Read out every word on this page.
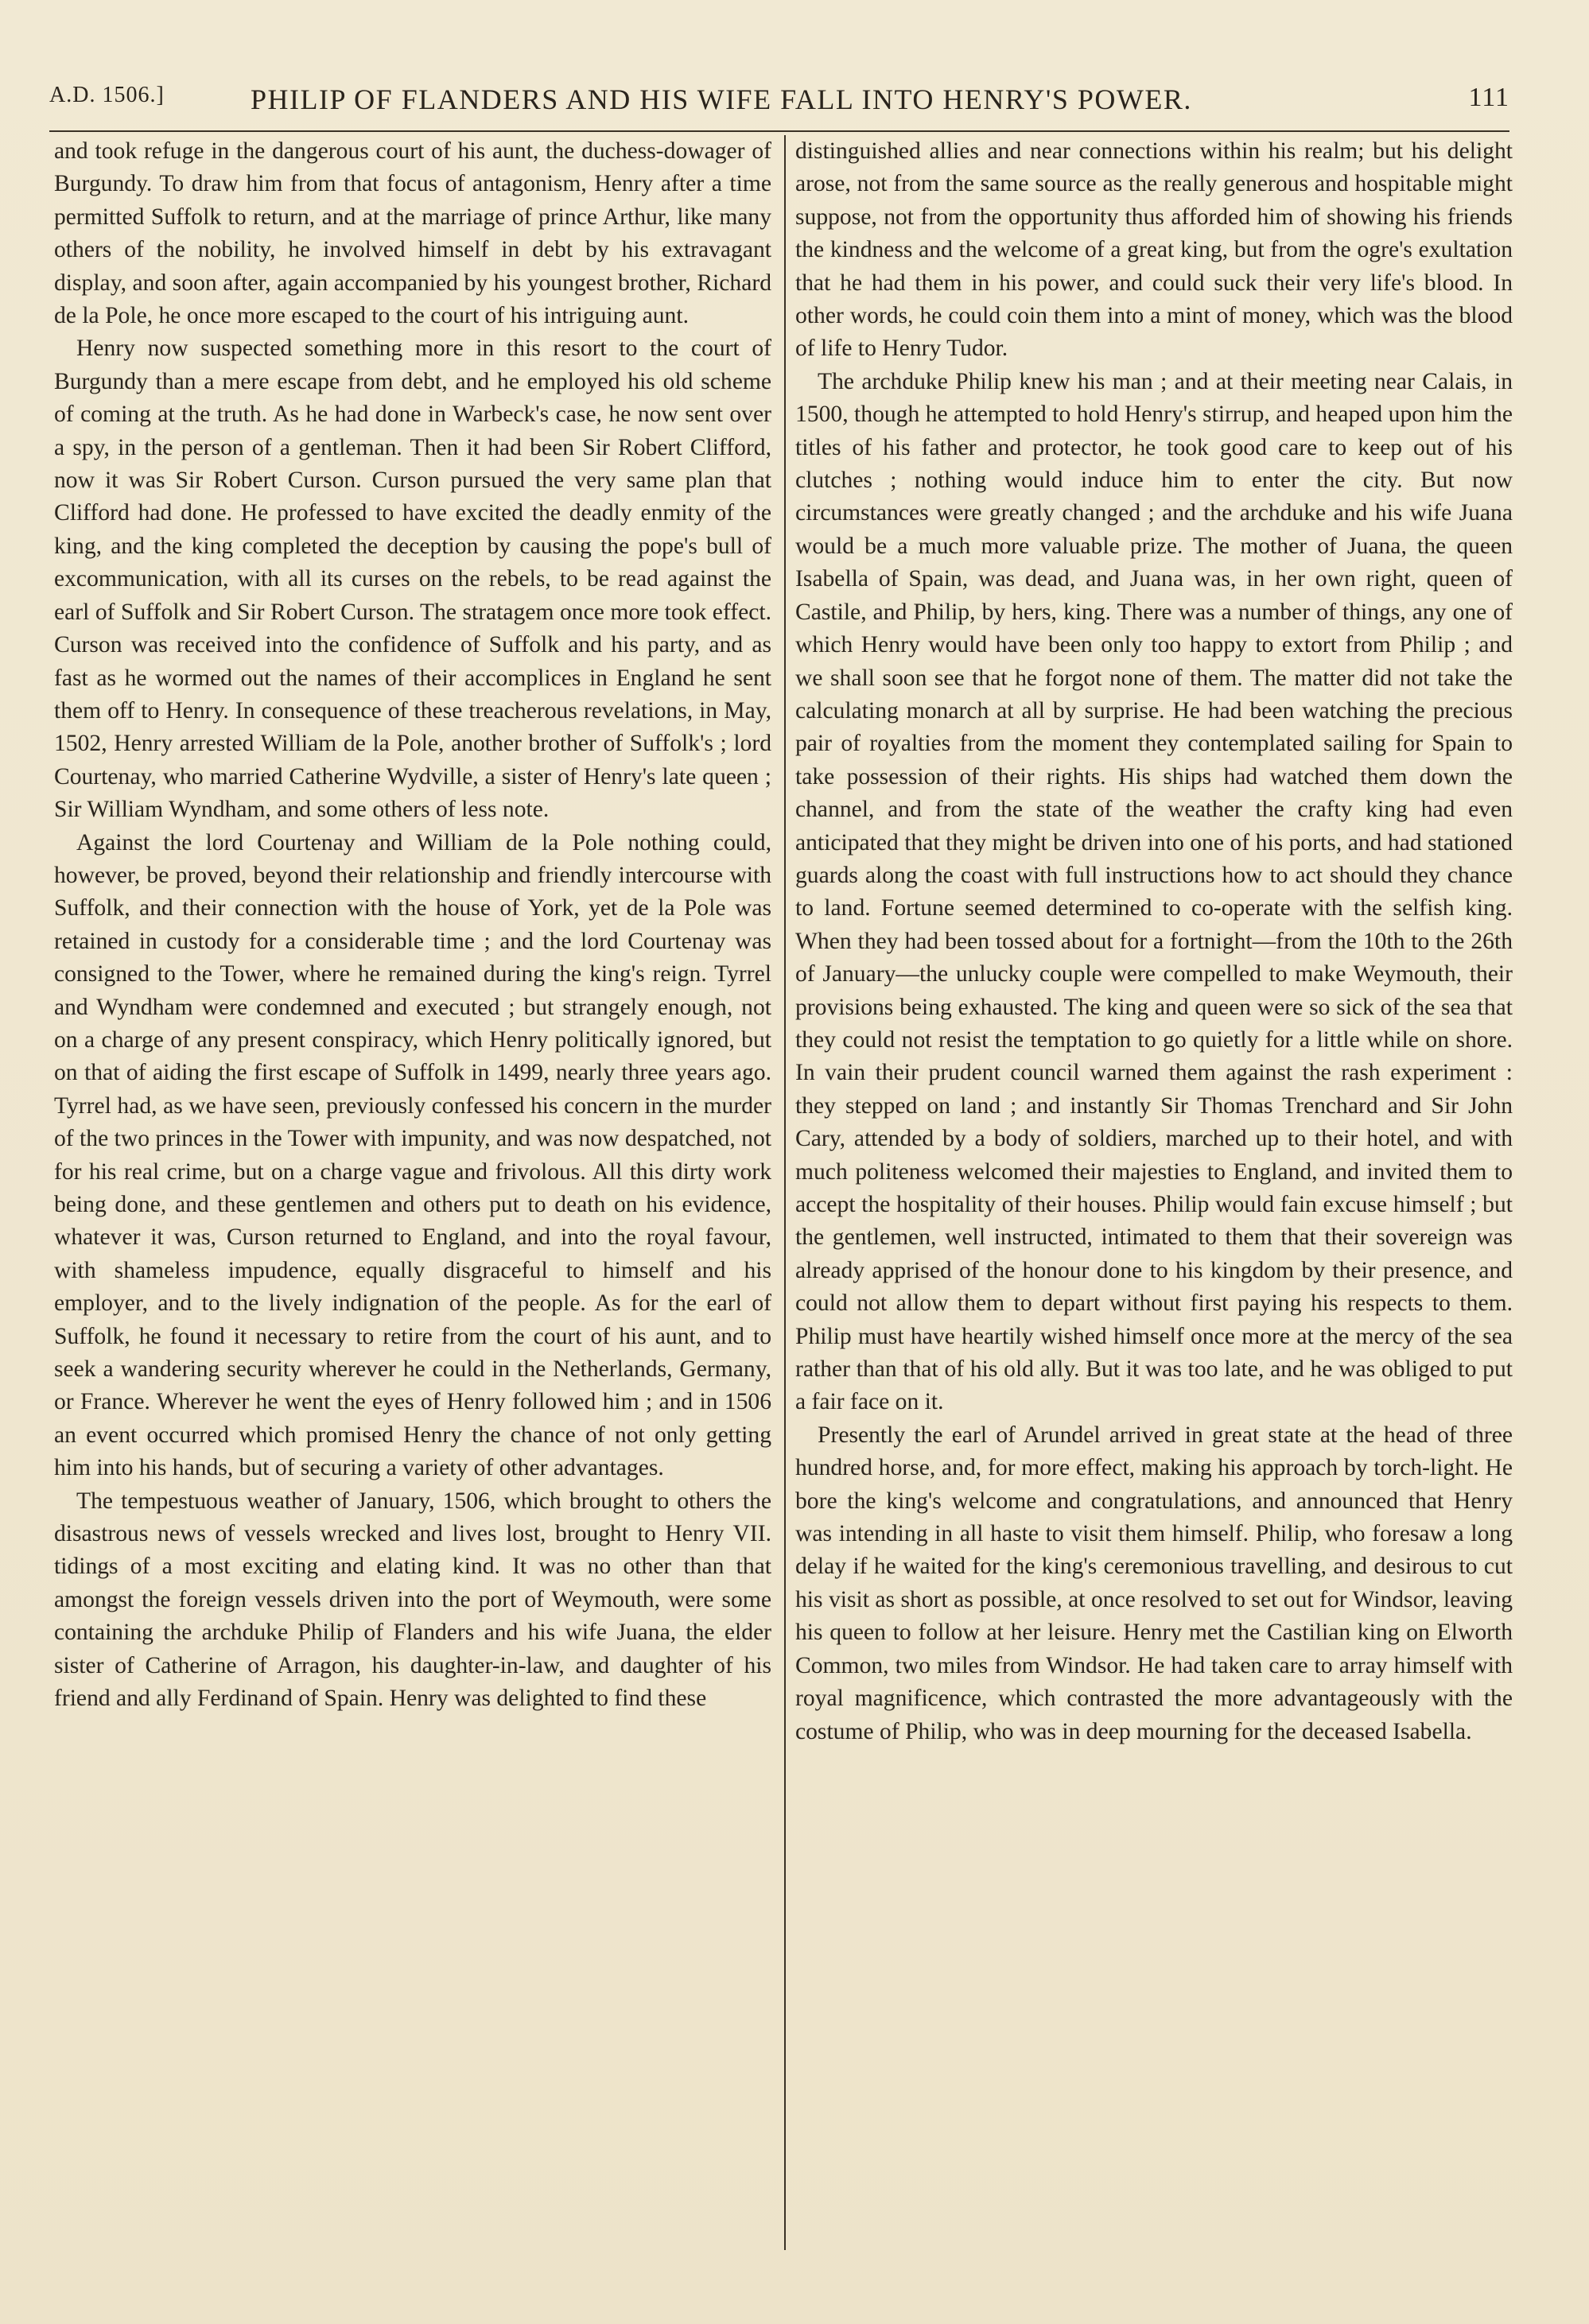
A.D. 1506.]	PHILIP OF FLANDERS AND HIS WIFE FALL INTO HENRY'S POWER.	111

and took refuge in the dangerous court of his aunt, the duchess-dowager of Burgundy. To draw him from that focus of antagonism, Henry after a time permitted Suffolk to return, and at the marriage of prince Arthur, like many others of the nobility, he involved himself in debt by his extravagant display, and soon after, again accompanied by his youngest brother, Richard de la Pole, he once more escaped to the court of his intriguing aunt.

Henry now suspected something more in this resort to the court of Burgundy than a mere escape from debt, and he employed his old scheme of coming at the truth. As he had done in Warbeck's case, he now sent over a spy, in the person of a gentleman. Then it had been Sir Robert Clifford, now it was Sir Robert Curson. Curson pursued the very same plan that Clifford had done. He professed to have excited the deadly enmity of the king, and the king completed the deception by causing the pope's bull of excommunication, with all its curses on the rebels, to be read against the earl of Suffolk and Sir Robert Curson. The stratagem once more took effect. Curson was received into the confidence of Suffolk and his party, and as fast as he wormed out the names of their accomplices in England he sent them off to Henry. In consequence of these treacherous revelations, in May, 1502, Henry arrested William de la Pole, another brother of Suffolk's ; lord Courtenay, who married Catherine Wydville, a sister of Henry's late queen ; Sir William Wyndham, and some others of less note.

Against the lord Courtenay and William de la Pole nothing could, however, be proved, beyond their relationship and friendly intercourse with Suffolk, and their connection with the house of York, yet de la Pole was retained in custody for a considerable time ; and the lord Courtenay was consigned to the Tower, where he remained during the king's reign. Tyrrel and Wyndham were condemned and executed ; but strangely enough, not on a charge of any present conspiracy, which Henry politically ignored, but on that of aiding the first escape of Suffolk in 1499, nearly three years ago. Tyrrel had, as we have seen, previously confessed his concern in the murder of the two princes in the Tower with impunity, and was now despatched, not for his real crime, but on a charge vague and frivolous. All this dirty work being done, and these gentlemen and others put to death on his evidence, whatever it was, Curson returned to England, and into the royal favour, with shameless impudence, equally disgraceful to himself and his employer, and to the lively indignation of the people. As for the earl of Suffolk, he found it necessary to retire from the court of his aunt, and to seek a wandering security wherever he could in the Netherlands, Germany, or France. Wherever he went the eyes of Henry followed him ; and in 1506 an event occurred which promised Henry the chance of not only getting him into his hands, but of securing a variety of other advantages.

The tempestuous weather of January, 1506, which brought to others the disastrous news of vessels wrecked and lives lost, brought to Henry VII. tidings of a most exciting and elating kind. It was no other than that amongst the foreign vessels driven into the port of Weymouth, were some containing the archduke Philip of Flanders and his wife Juana, the elder sister of Catherine of Arragon, his daughter-in-law, and daughter of his friend and ally Ferdinand of Spain. Henry was delighted to find these

distinguished allies and near connections within his realm; but his delight arose, not from the same source as the really generous and hospitable might suppose, not from the opportunity thus afforded him of showing his friends the kindness and the welcome of a great king, but from the ogre's exultation that he had them in his power, and could suck their very life's blood. In other words, he could coin them into a mint of money, which was the blood of life to Henry Tudor.

The archduke Philip knew his man ; and at their meeting near Calais, in 1500, though he attempted to hold Henry's stirrup, and heaped upon him the titles of his father and protector, he took good care to keep out of his clutches ; nothing would induce him to enter the city. But now circumstances were greatly changed ; and the archduke and his wife Juana would be a much more valuable prize. The mother of Juana, the queen Isabella of Spain, was dead, and Juana was, in her own right, queen of Castile, and Philip, by hers, king. There was a number of things, any one of which Henry would have been only too happy to extort from Philip ; and we shall soon see that he forgot none of them. The matter did not take the calculating monarch at all by surprise. He had been watching the precious pair of royalties from the moment they contemplated sailing for Spain to take possession of their rights. His ships had watched them down the channel, and from the state of the weather the crafty king had even anticipated that they might be driven into one of his ports, and had stationed guards along the coast with full instructions how to act should they chance to land. Fortune seemed determined to co-operate with the selfish king. When they had been tossed about for a fortnight—from the 10th to the 26th of January—the unlucky couple were compelled to make Weymouth, their provisions being exhausted. The king and queen were so sick of the sea that they could not resist the temptation to go quietly for a little while on shore. In vain their prudent council warned them against the rash experiment : they stepped on land ; and instantly Sir Thomas Trenchard and Sir John Cary, attended by a body of soldiers, marched up to their hotel, and with much politeness welcomed their majesties to England, and invited them to accept the hospitality of their houses. Philip would fain excuse himself ; but the gentlemen, well instructed, intimated to them that their sovereign was already apprised of the honour done to his kingdom by their presence, and could not allow them to depart without first paying his respects to them. Philip must have heartily wished himself once more at the mercy of the sea rather than that of his old ally. But it was too late, and he was obliged to put a fair face on it.

Presently the earl of Arundel arrived in great state at the head of three hundred horse, and, for more effect, making his approach by torch-light. He bore the king's welcome and congratulations, and announced that Henry was intending in all haste to visit them himself. Philip, who foresaw a long delay if he waited for the king's ceremonious travelling, and desirous to cut his visit as short as possible, at once resolved to set out for Windsor, leaving his queen to follow at her leisure. Henry met the Castilian king on Elworth Common, two miles from Windsor. He had taken care to array himself with royal magnificence, which contrasted the more advantageously with the costume of Philip, who was in deep mourning for the deceased Isabella.
